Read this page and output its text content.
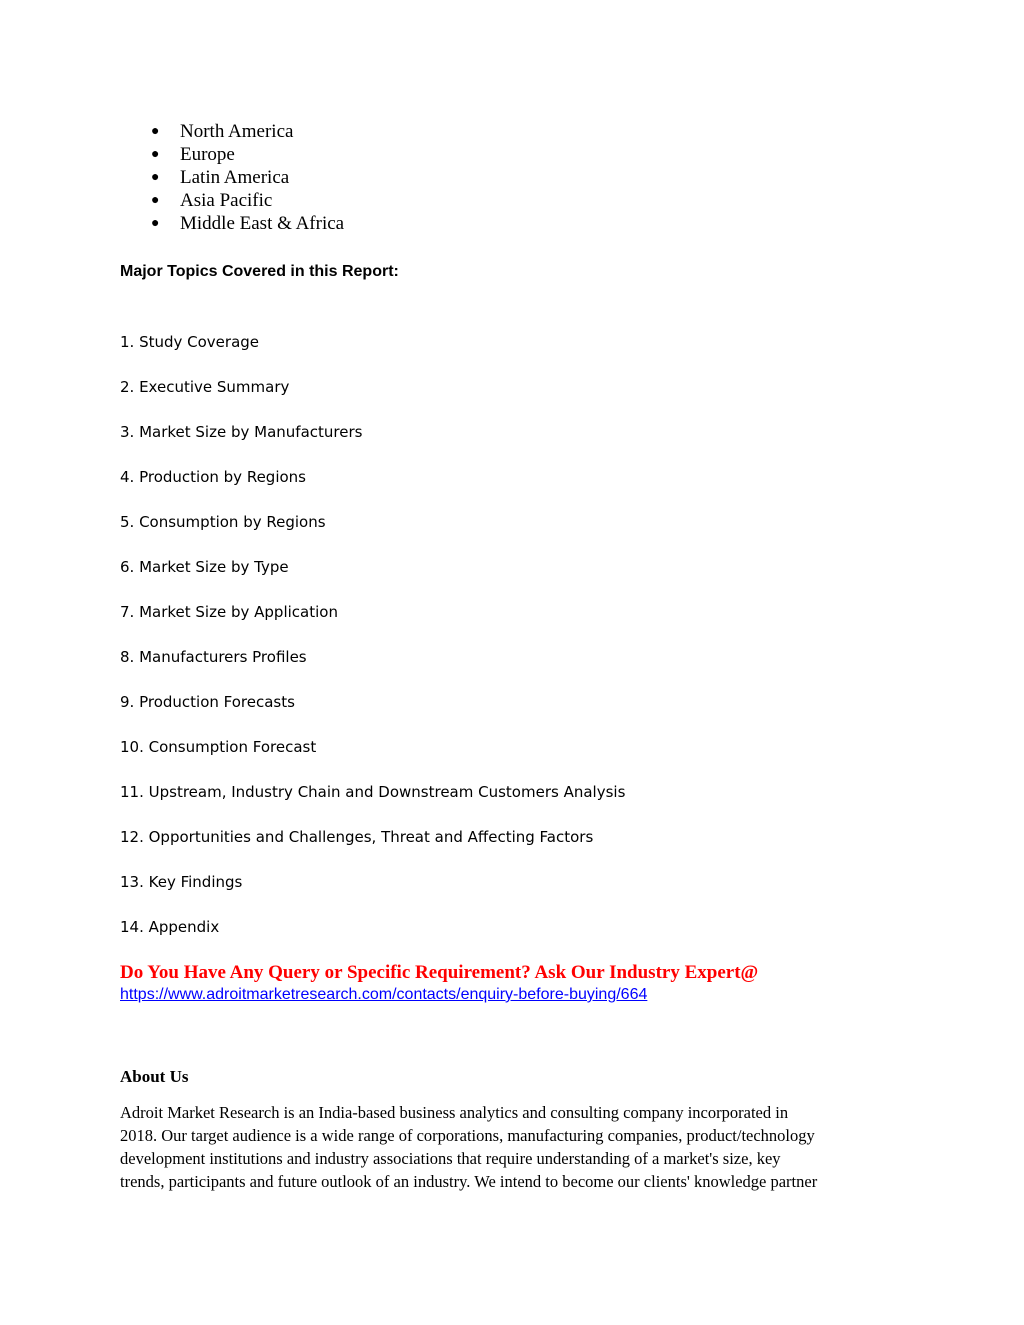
● North America
● Europe
● Latin America
● Asia Pacific
● Middle East & Africa
Major Topics Covered in this Report:
1. Study Coverage
2. Executive Summary
3. Market Size by Manufacturers
4. Production by Regions
5. Consumption by Regions
6. Market Size by Type
7. Market Size by Application
8. Manufacturers Profiles
9. Production Forecasts
10. Consumption Forecast
11. Upstream, Industry Chain and Downstream Customers Analysis
12. Opportunities and Challenges, Threat and Affecting Factors
13. Key Findings
14. Appendix

Do You Have Any Query or Specific Requirement? Ask Our Industry Expert@

https://www.adroitmarketresearch.com/contacts/enquiry-before-buying/664
About Us

Adroit Market Research is an India-based business analytics and consulting company incorporated in
2018. Our target audience is a wide range of corporations, manufacturing companies, product/technology
development institutions and industry associations that require understanding of a market's size, key
trends, participants and future outlook of an industry. We intend to become our clients' knowledge partner
